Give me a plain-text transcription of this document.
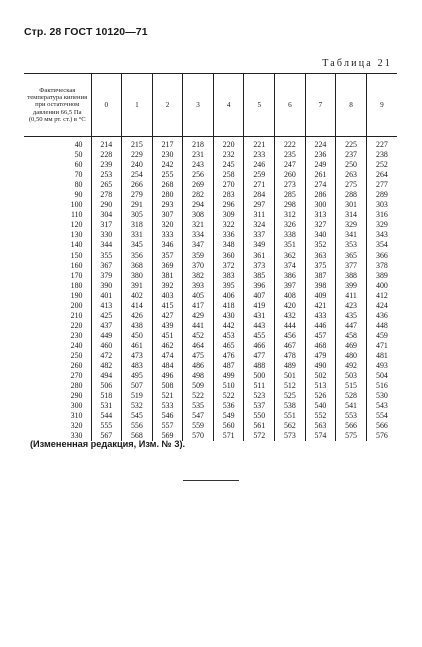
Стр. 28 ГОСТ 10120—71
Таблица 21
Фактическая температура кипения при остаточном давлении 66,5 Па (0,50 мм рт. ст.) в °С	0	1	2	3	4	5	6	7	8	9
40	214	215	217	218	220	221	222	224	225	227
50	228	229	230	231	232	233	235	236	237	238
60	239	240	242	243	245	246	247	249	250	252
70	253	254	255	256	258	259	260	261	263	264
80	265	266	268	269	270	271	273	274	275	277
90	278	279	280	282	283	284	285	286	288	289
100	290	291	293	294	296	297	298	300	301	303
110	304	305	307	308	309	311	312	313	314	316
120	317	318	320	321	322	324	326	327	329	329
130	330	331	333	334	336	337	338	340	341	343
140	344	345	346	347	348	349	351	352	353	354
150	355	356	357	359	360	361	362	363	365	366
160	367	368	369	370	372	373	374	375	377	378
170	379	380	381	382	383	385	386	387	388	389
180	390	391	392	393	395	396	397	398	399	400
190	401	402	403	405	406	407	408	409	411	412
200	413	414	415	417	418	419	420	421	423	424
210	425	426	427	429	430	431	432	433	435	436
220	437	438	439	441	442	443	444	446	447	448
230	449	450	451	452	453	455	456	457	458	459
240	460	461	462	464	465	466	467	468	469	471
250	472	473	474	475	476	477	478	479	480	481
260	482	483	484	486	487	488	489	490	492	493
270	494	495	496	498	499	500	501	502	503	504
280	506	507	508	509	510	511	512	513	515	516
290	518	519	521	522	522	523	525	526	528	530
300	531	532	533	535	536	537	538	540	541	543
310	544	545	546	547	549	550	551	552	553	554
320	555	556	557	559	560	561	562	563	566	566
330	567	568	569	570	571	572	573	574	575	576
(Измененная редакция, Изм. № 3).
